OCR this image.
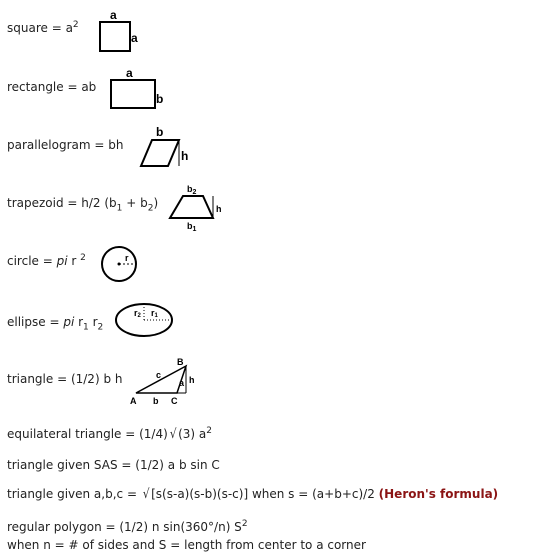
square = $a^2$
a
a
rectangle = ab
a
b
parallelogram = bh
b
h
trapezoid = h/2 $(b_1 + b_2)$
$b_2$
h
$b_1$
circle = pi r $^2$	r
ellipse = pi $r_1$ $r_2$
r2 r1
triangle = (1/2) b h
B
c
a h
A b C
equilateral triangle = (1/4) √ (3) $a^2$
triangle given SAS = (1/2) a b sin C
triangle given a,b,c = √ [s(s-a)(s-b)(s-c)] when s = (a+b+c)/2 (Heron's formula)
regular polygon = (1/2) n sin(360°/n) $S^2$
when n = # of sides and S = length from center to a corner
